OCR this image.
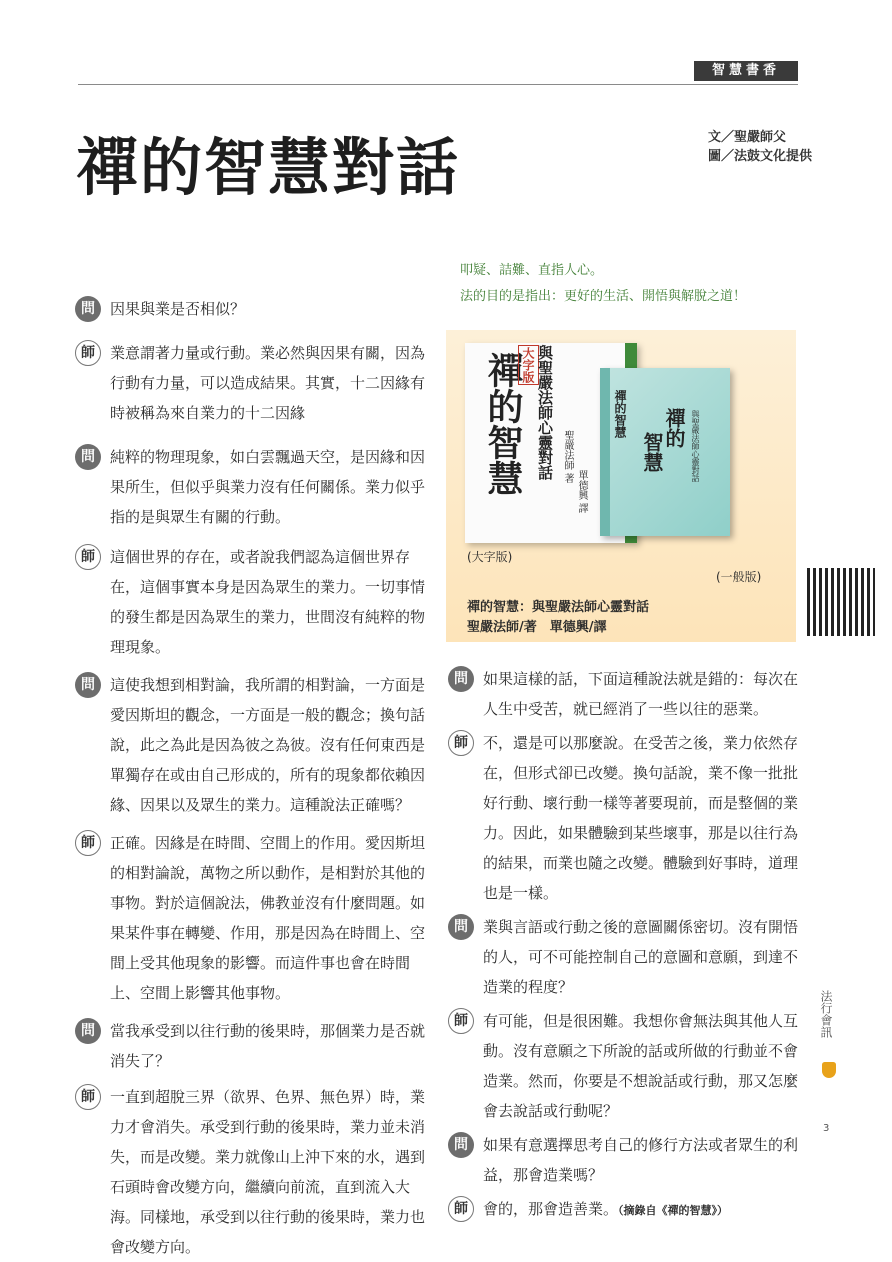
智慧書香
禪的智慧對話	文／聖嚴師父
圖／法鼓文化提供
叩疑、詰難、直指人心。
法的目的是指出：更好的生活、開悟與解脫之道！
禪的智慧
大字版 與聖嚴法師心靈對話 聖嚴法師 著
單德興 譯
禪的智慧 禪的
智慧	與聖嚴法師心靈對話
(大字版)
(一般版)
禪的智慧：與聖嚴法師心靈對話
聖嚴法師/著　單德興/譯
問	因果與業是否相似？
師	業意謂著力量或行動。業必然與因果有關，因為行動有力量，可以造成結果。其實，十二因緣有時被稱為來自業力的十二因緣
問	純粹的物理現象，如白雲飄過天空，是因緣和因果所生，但似乎與業力沒有任何關係。業力似乎指的是與眾生有關的行動。
師	這個世界的存在，或者說我們認為這個世界存在，這個事實本身是因為眾生的業力。一切事情的發生都是因為眾生的業力，世間沒有純粹的物理現象。
問	這使我想到相對論，我所謂的相對論，一方面是愛因斯坦的觀念，一方面是一般的觀念；換句話說，此之為此是因為彼之為彼。沒有任何東西是單獨存在或由自己形成的，所有的現象都依賴因緣、因果以及眾生的業力。這種說法正確嗎？
師	正確。因緣是在時間、空間上的作用。愛因斯坦的相對論說，萬物之所以動作，是相對於其他的事物。對於這個說法，佛教並沒有什麼問題。如果某件事在轉變、作用，那是因為在時間上、空間上受其他現象的影響。而這件事也會在時間上、空間上影響其他事物。
問	當我承受到以往行動的後果時，那個業力是否就消失了？
師	一直到超脫三界（欲界、色界、無色界）時，業力才會消失。承受到行動的後果時，業力並未消失，而是改變。業力就像山上沖下來的水，遇到石頭時會改變方向，繼續向前流，直到流入大海。同樣地，承受到以往行動的後果時，業力也會改變方向。
問	如果這樣的話，下面這種說法就是錯的：每次在人生中受苦，就已經消了一些以往的惡業。
師	不，還是可以那麼說。在受苦之後，業力依然存在，但形式卻已改變。換句話說，業不像一批批好行動、壞行動一樣等著要現前，而是整個的業力。因此，如果體驗到某些壞事，那是以往行為的結果，而業也隨之改變。體驗到好事時，道理也是一樣。
問	業與言語或行動之後的意圖關係密切。沒有開悟的人，可不可能控制自己的意圖和意願，到達不造業的程度？
師	有可能，但是很困難。我想你會無法與其他人互動。沒有意願之下所說的話或所做的行動並不會造業。然而，你要是不想說話或行動，那又怎麼會去說話或行動呢？
問	如果有意選擇思考自己的修行方法或者眾生的利益，那會造業嗎？
師	會的，那會造善業。（摘錄自《禪的智慧》）
法行會訊
3
